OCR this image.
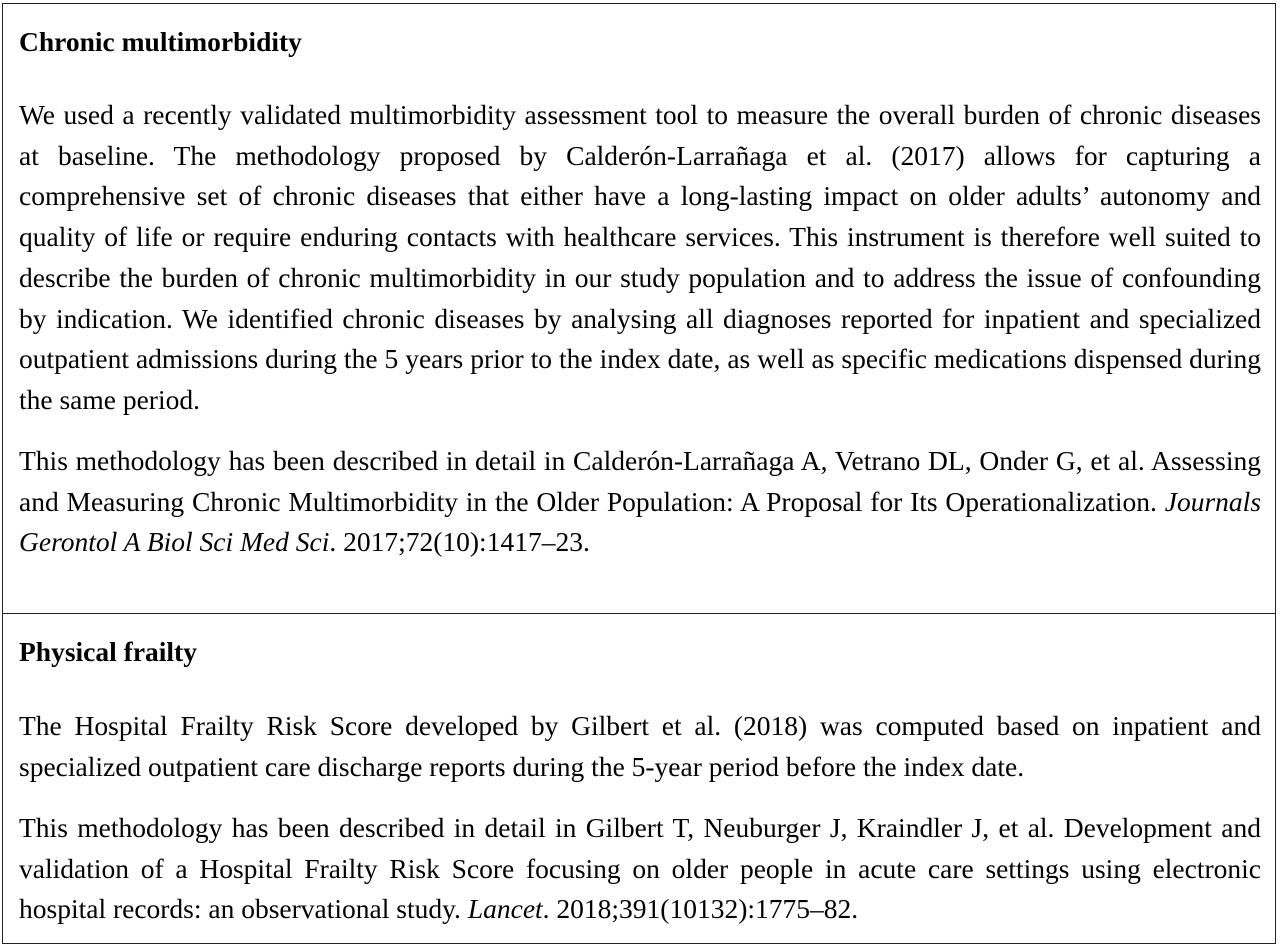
Chronic multimorbidity

We used a recently validated multimorbidity assessment tool to measure the overall burden of chronic diseases at baseline. The methodology proposed by Calderón-Larrañaga et al. (2017) allows for capturing a comprehensive set of chronic diseases that either have a long-lasting impact on older adults’ autonomy and quality of life or require enduring contacts with healthcare services. This instrument is therefore well suited to describe the burden of chronic multimorbidity in our study population and to address the issue of confounding by indication. We identified chronic diseases by analysing all diagnoses reported for inpatient and specialized outpatient admissions during the 5 years prior to the index date, as well as specific medications dispensed during the same period.

This methodology has been described in detail in Calderón-Larrañaga A, Vetrano DL, Onder G, et al. Assessing and Measuring Chronic Multimorbidity in the Older Population: A Proposal for Its Operationalization. Journals Gerontol A Biol Sci Med Sci. 2017;72(10):1417–23.

Physical frailty

The Hospital Frailty Risk Score developed by Gilbert et al. (2018) was computed based on inpatient and specialized outpatient care discharge reports during the 5-year period before the index date.

This methodology has been described in detail in Gilbert T, Neuburger J, Kraindler J, et al. Development and validation of a Hospital Frailty Risk Score focusing on older people in acute care settings using electronic hospital records: an observational study. Lancet. 2018;391(10132):1775–82.
